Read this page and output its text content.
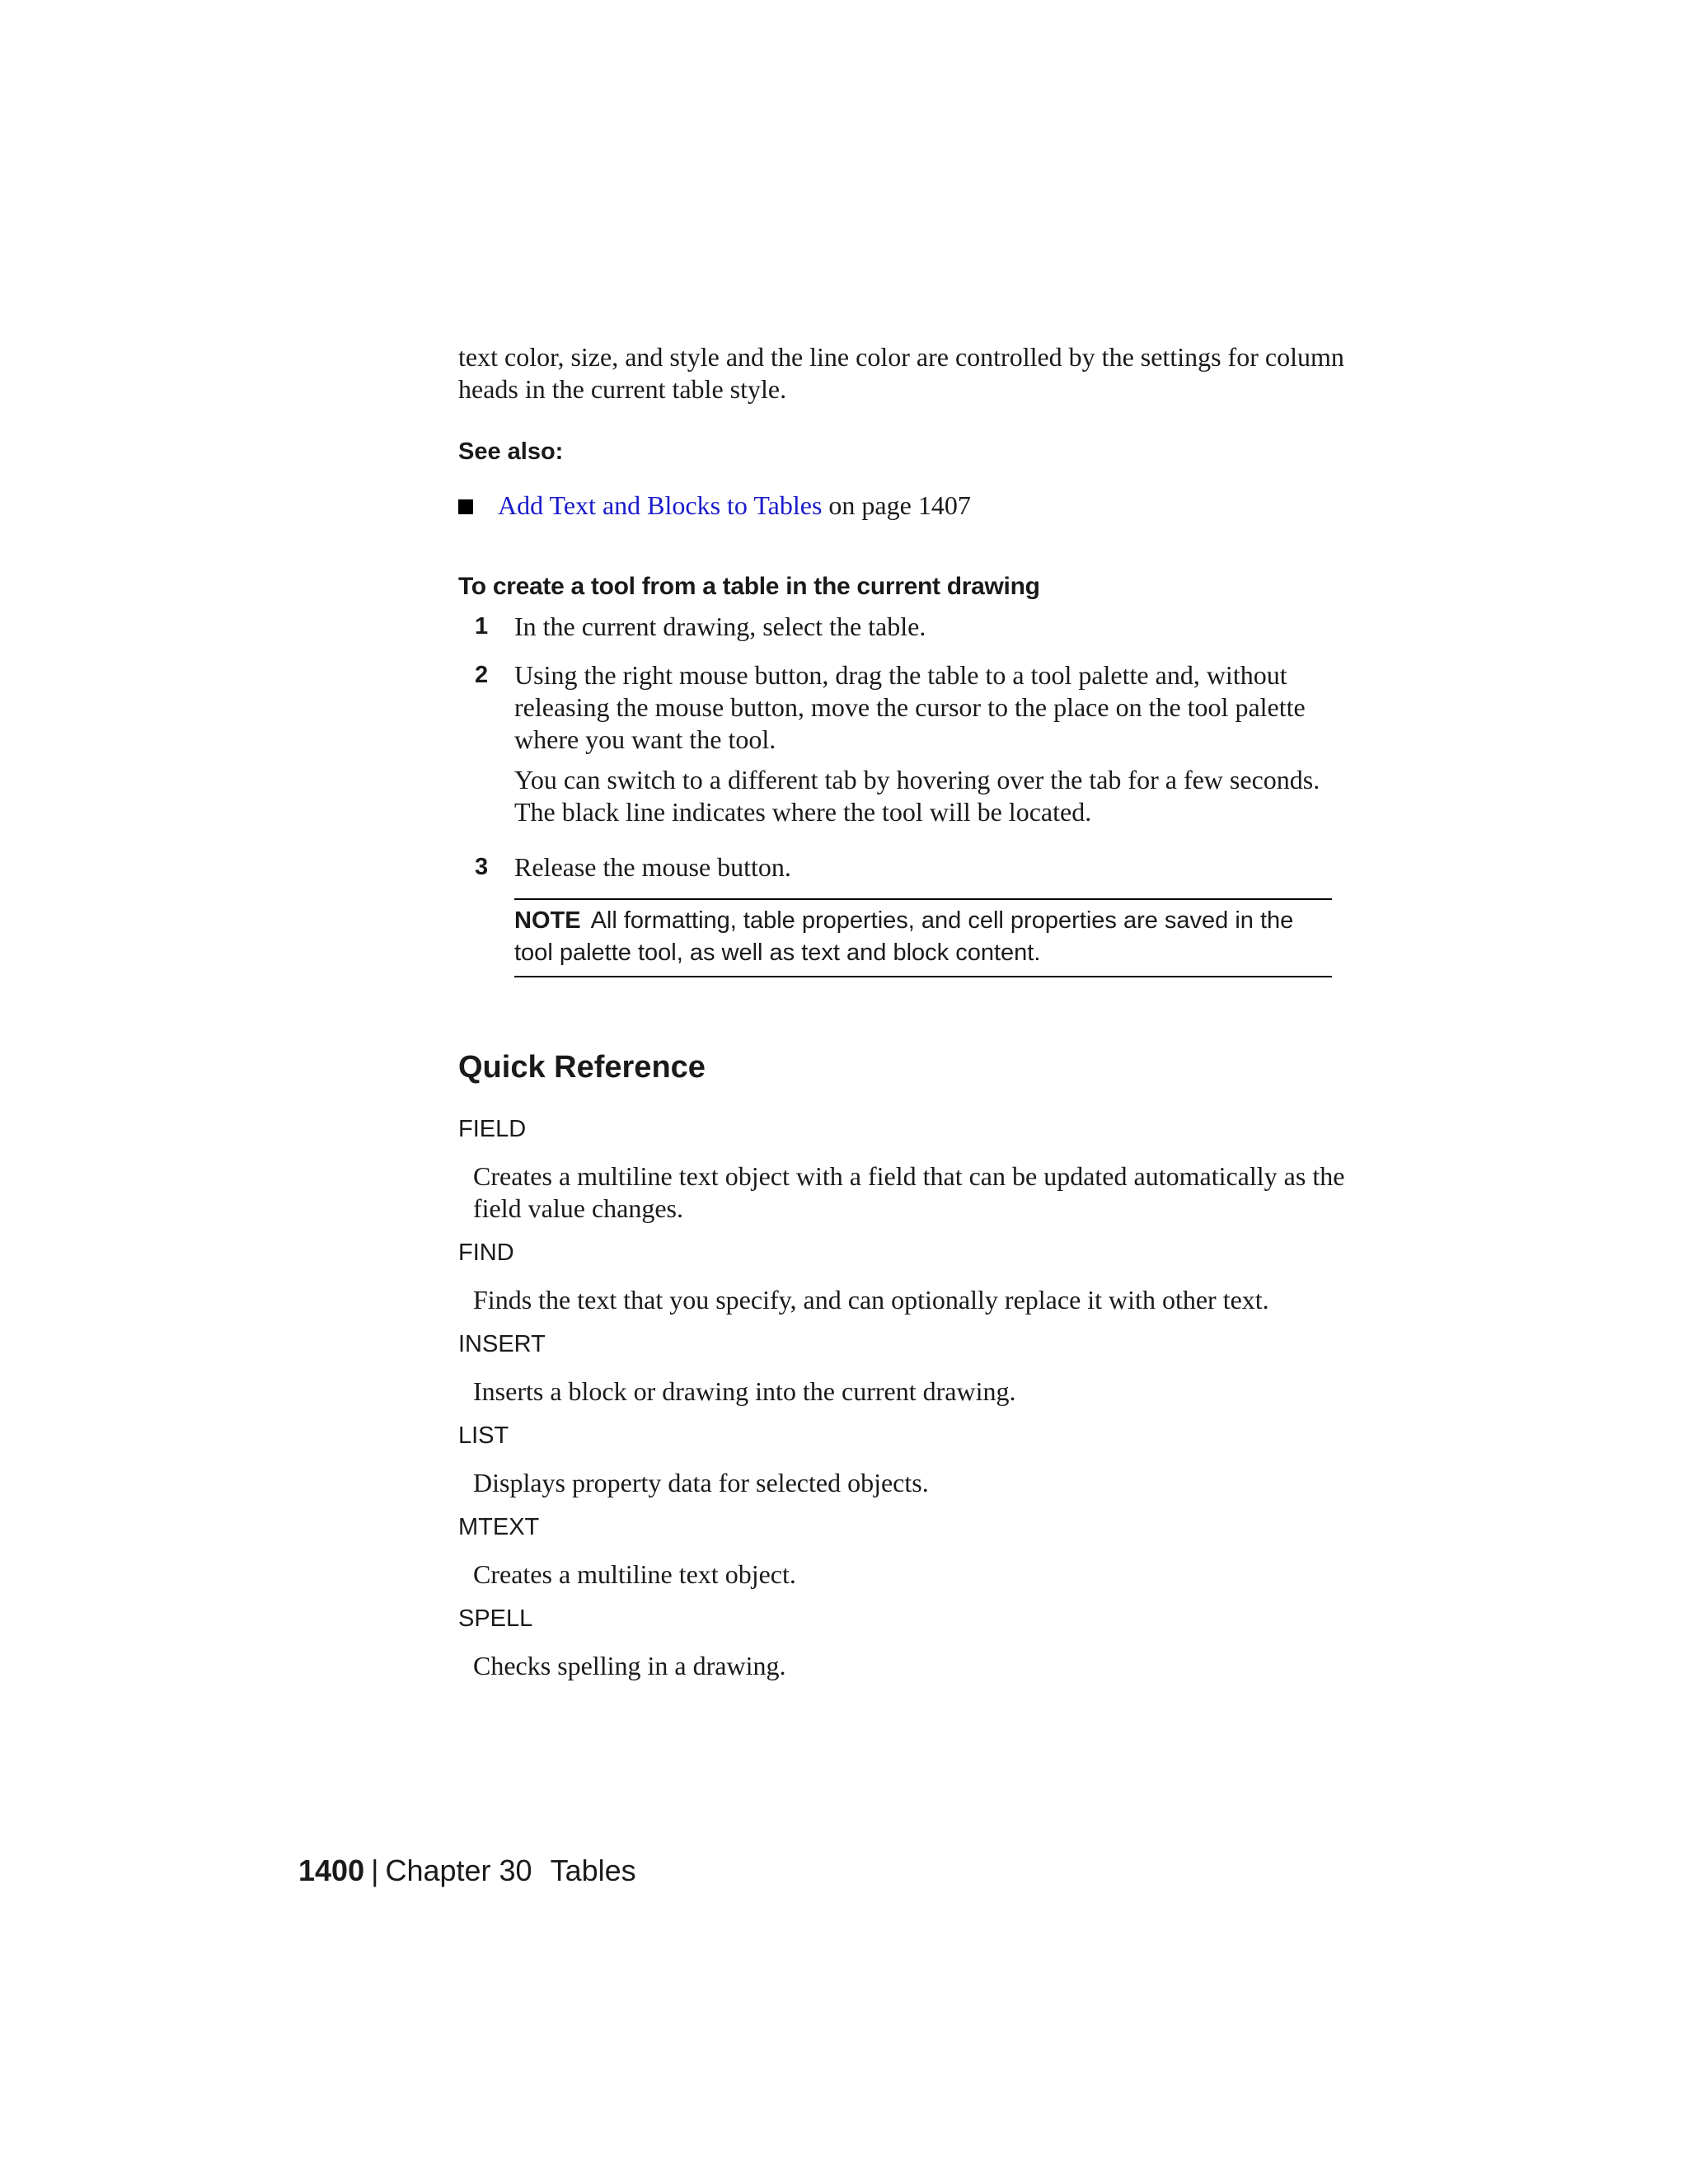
text color, size, and style and the line color are controlled by the settings for column heads in the current table style.

See also:

Add Text and Blocks to Tables on page 1407

To create a tool from a table in the current drawing

1 In the current drawing, select the table.

2 Using the right mouse button, drag the table to a tool palette and, without releasing the mouse button, move the cursor to the place on the tool palette where you want the tool.

You can switch to a different tab by hovering over the tab for a few seconds. The black line indicates where the tool will be located.

3 Release the mouse button.

NOTE All formatting, table properties, and cell properties are saved in the tool palette tool, as well as text and block content.
Quick Reference
FIELD
Creates a multiline text object with a field that can be updated automatically as the field value changes.
FIND
Finds the text that you specify, and can optionally replace it with other text.
INSERT
Inserts a block or drawing into the current drawing.
LIST
Displays property data for selected objects.
MTEXT
Creates a multiline text object.
SPELL
Checks spelling in a drawing.
1400 | Chapter 30 Tables
